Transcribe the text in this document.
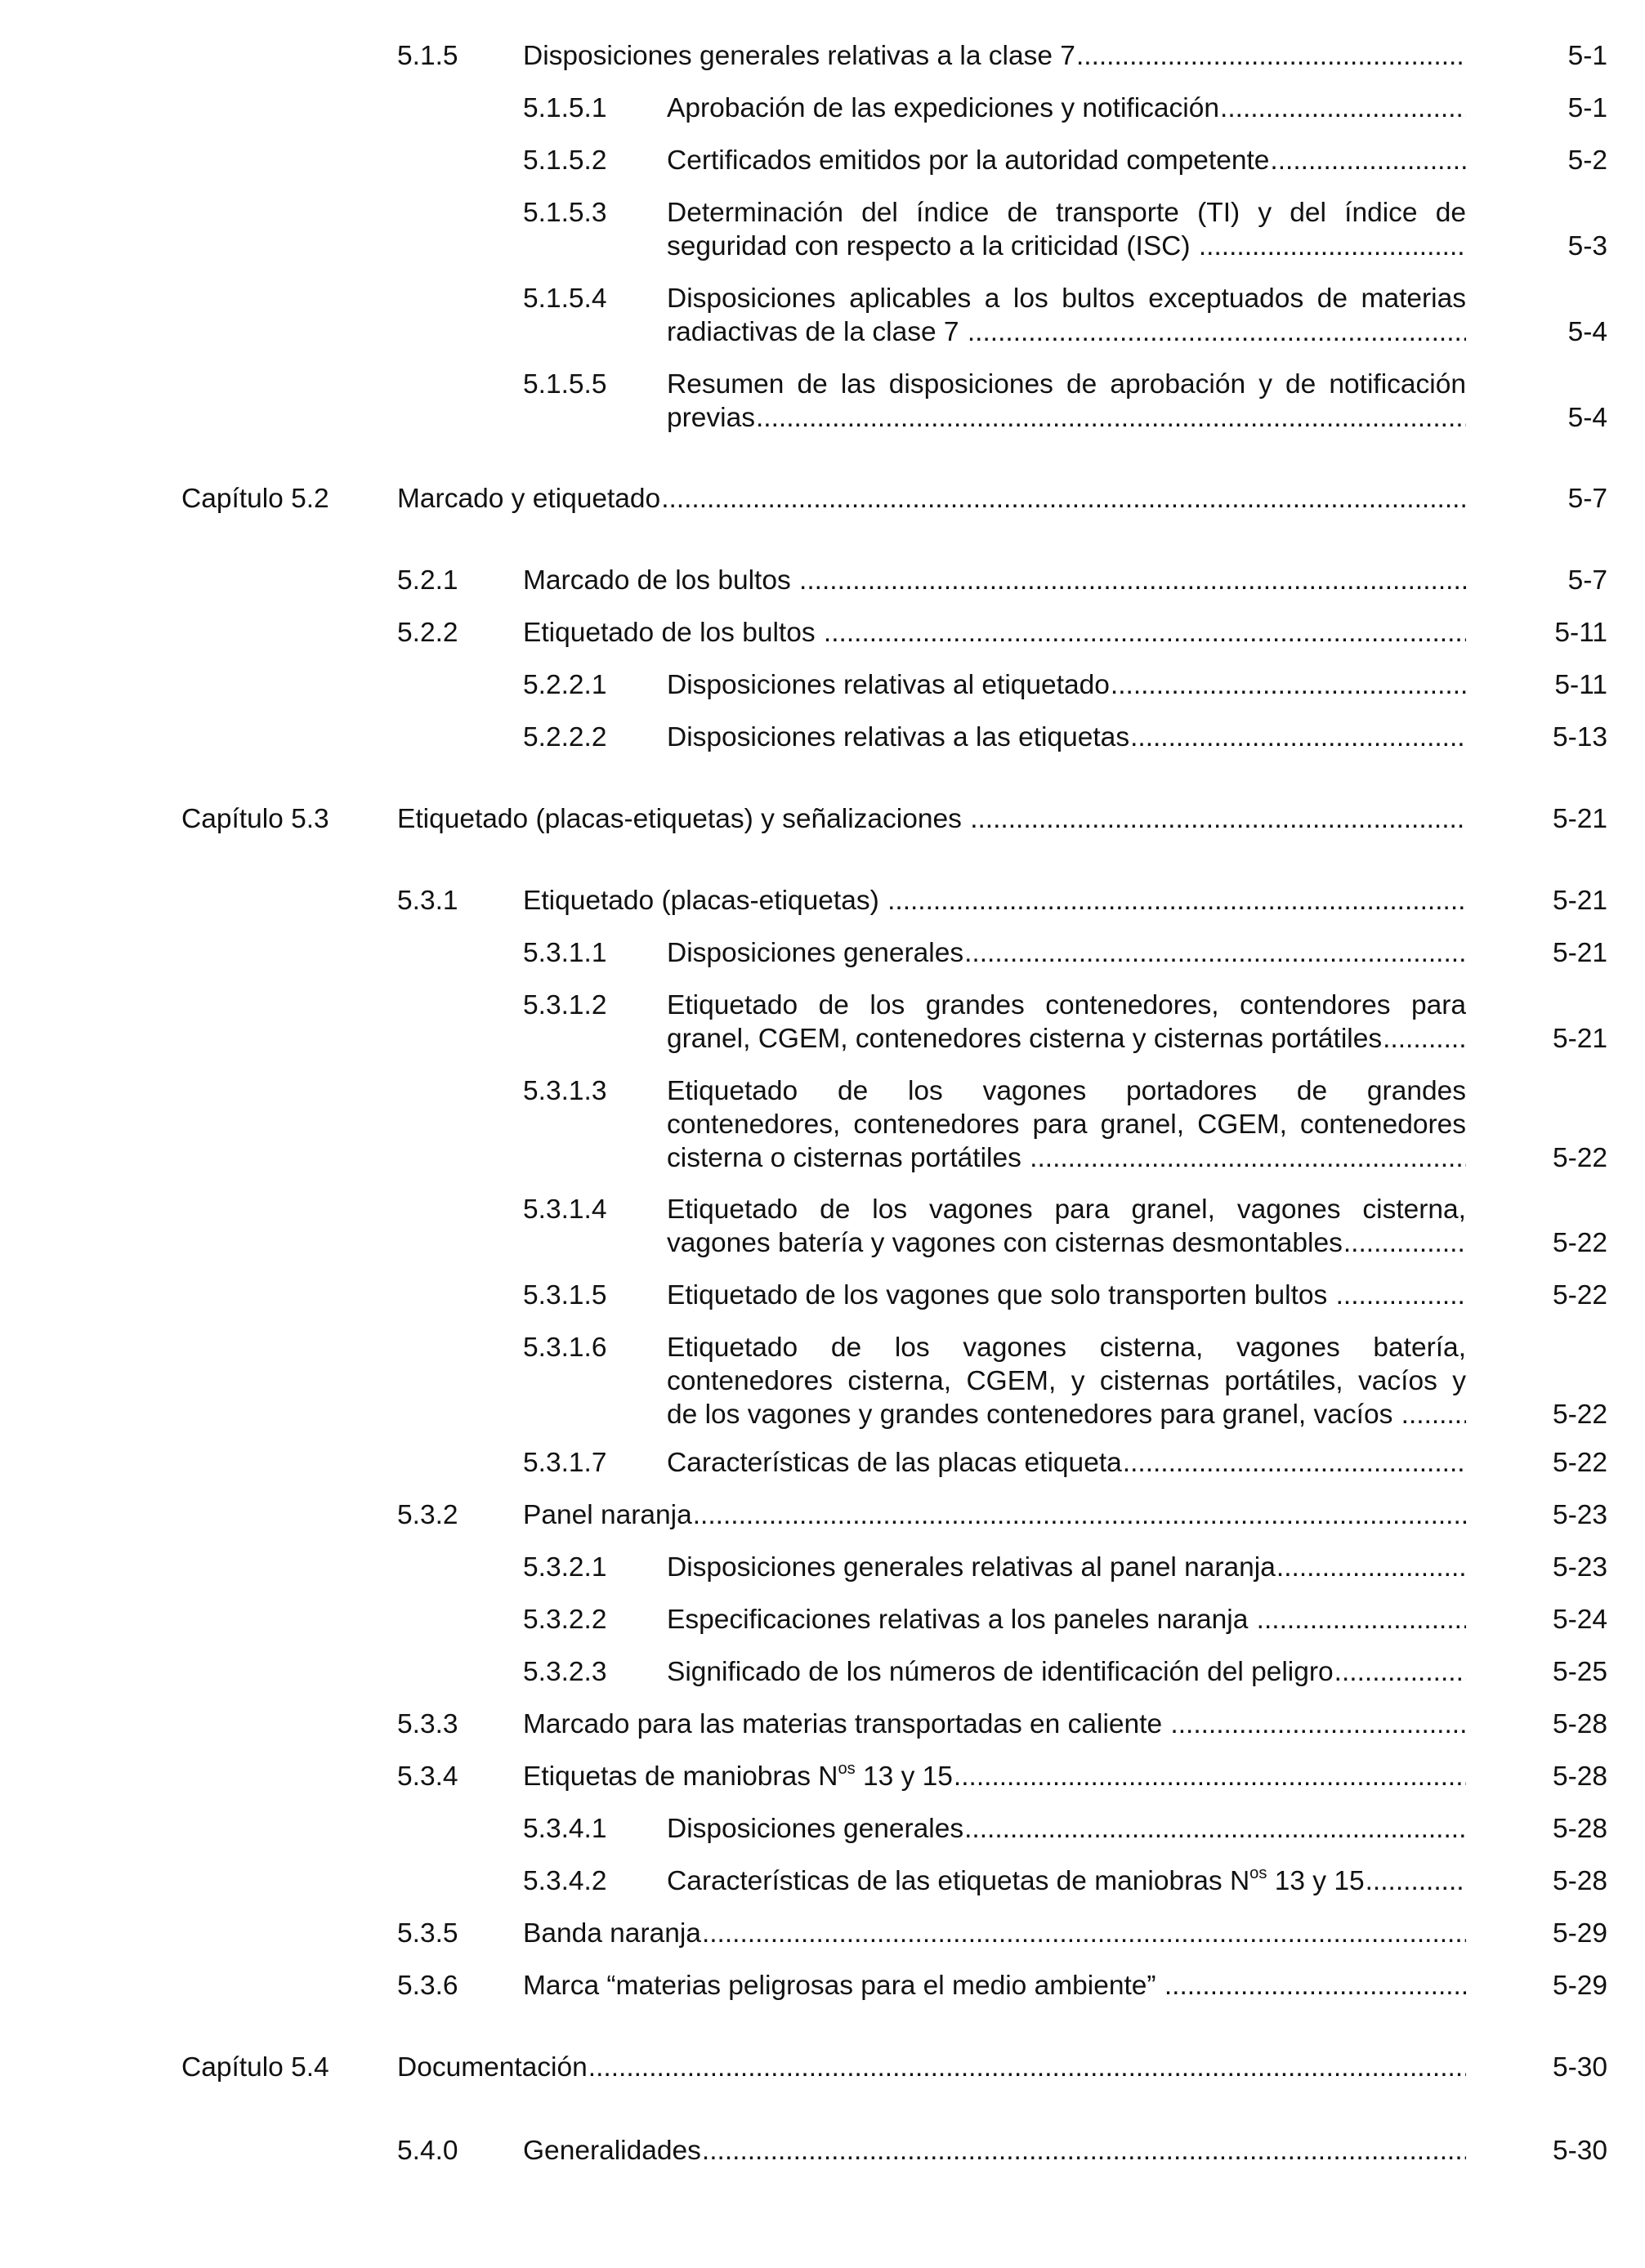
5.1.5 Disposiciones generales relativas a la clase 7 .....	5-1
5.1.5.1 Aprobación de las expediciones y notificación .....	5-1
5.1.5.2 Certificados emitidos por la autoridad competente .....	5-2
5.1.5.3 Determinación del índice de transporte (TI) y del índice de
seguridad con respecto a la criticidad (ISC) .....	5-3
5.1.5.4 Disposiciones aplicables a los bultos exceptuados de materias
radiactivas de la clase 7 .....	5-4
5.1.5.5 Resumen de las disposiciones de aprobación y de notificación
previas .....	5-4
Capítulo 5.2 Marcado y etiquetado .....	5-7
5.2.1 Marcado de los bultos .....	5-7
5.2.2 Etiquetado de los bultos .....	5-11
5.2.2.1 Disposiciones relativas al etiquetado .....	5-11
5.2.2.2 Disposiciones relativas a las etiquetas .....	5-13
Capítulo 5.3 Etiquetado (placas-etiquetas) y señalizaciones .....	5-21
5.3.1 Etiquetado (placas-etiquetas) .....	5-21
5.3.1.1 Disposiciones generales .....	5-21
5.3.1.2 Etiquetado de los grandes contenedores, contendores para
granel, CGEM, contenedores cisterna y cisternas portátiles .....	5-21
5.3.1.3 Etiquetado de los vagones portadores de grandes
contenedores, contenedores para granel, CGEM, contenedores
cisterna o cisternas portátiles .....	5-22
5.3.1.4 Etiquetado de los vagones para granel, vagones cisterna,
vagones batería y vagones con cisternas desmontables .....	5-22
5.3.1.5 Etiquetado de los vagones que solo transporten bultos .....	5-22
5.3.1.6 Etiquetado de los vagones cisterna, vagones batería,
contenedores cisterna, CGEM, y cisternas portátiles, vacíos y
de los vagones y grandes contenedores para granel, vacíos .....	5-22
5.3.1.7 Características de las placas etiqueta .....	5-22
5.3.2 Panel naranja .....	5-23
5.3.2.1 Disposiciones generales relativas al panel naranja .....	5-23
5.3.2.2 Especificaciones relativas a los paneles naranja .....	5-24
5.3.2.3 Significado de los números de identificación del peligro .....	5-25
5.3.3 Marcado para las materias transportadas en caliente .....	5-28
5.3.4 Etiquetas de maniobras $N^{os}$ 13 y 15 .....	5-28
5.3.4.1 Disposiciones generales .....	5-28
5.3.4.2 Características de las etiquetas de maniobras $N^{os}$ 13 y 15 .....	5-28
5.3.5 Banda naranja .....	5-29
5.3.6 Marca “materias peligrosas para el medio ambiente” .....	5-29
Capítulo 5.4 Documentación .....	5-30
5.4.0 Generalidades .....	5-30
